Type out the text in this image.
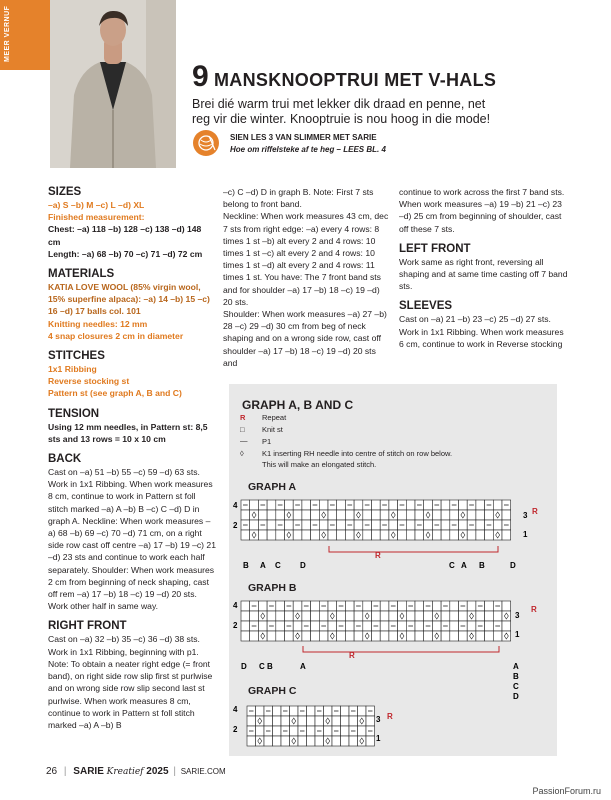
MEER VERNUF
9 MANSKNOOPTRUI MET V-HALS
Brei dié warm trui met lekker dik draad en penne, net reg vir die winter. Knooptruie is nou hoog in die mode!
SIEN LES 3 VAN SLIMMER MET SARIE
Hoe om riffelsteke af te heg – LEES BL. 4

SIZES

–a) S –b) M –c) L –d) XL

Finished measurement:

Chest: –a) 118 –b) 128 –c) 138 –d) 148 cm

Length: –a) 68 –b) 70 –c) 71 –d) 72 cm

MATERIALS

KATIA LOVE WOOL (85% virgin wool, 15% superfine alpaca): –a) 14 –b) 15 –c) 16 –d) 17 balls col. 101

Knitting needles: 12 mm

4 snap closures 2 cm in diameter

STITCHES

1x1 Ribbing

Reverse stocking st

Pattern st (see graph A, B and C)

TENSION

Using 12 mm needles, in Pattern st: 8,5 sts and 13 rows = 10 x 10 cm

BACK

Cast on –a) 51 –b) 55 –c) 59 –d) 63 sts. Work in 1x1 Ribbing. When work measures 8 cm, continue to work in Pattern st foll stitch marked –a) A –b) B –c) C –d) D in graph A. Neckline: When work measures –a) 68 –b) 69 –c) 70 –d) 71 cm, on a right side row cast off centre –a) 17 –b) 19 –c) 21 –d) 23 sts and continue to work each half separately. Shoulder: When work measures 2 cm from beginning of neck shaping, cast off rem –a) 17 –b) 18 –c) 19 –d) 20 sts. Work other half in same way.

RIGHT FRONT

Cast on –a) 32 –b) 35 –c) 36 –d) 38 sts. Work in 1x1 Ribbing, beginning with p1. Note: To obtain a neater right edge (= front band), on right side row slip first st purlwise and on wrong side row slip second last st purlwise. When work measures 8 cm, continue to work in Pattern st foll stitch marked –a) A –b) B

–c) C –d) D in graph B. Note: First 7 sts belong to front band.

Neckline: When work measures 43 cm, dec 7 sts from right edge: –a) every 4 rows: 8 times 1 st –b) alt every 2 and 4 rows: 10 times 1 st –c) alt every 2 and 4 rows: 10 times 1 st –d) alt every 2 and 4 rows: 11 times 1 st. You have: The 7 front band sts and for shoulder –a) 17 –b) 18 –c) 19 –d) 20 sts.

Shoulder: When work measures –a) 27 –b) 28 –c) 29 –d) 30 cm from beg of neck shaping and on a wrong side row, cast off shoulder –a) 17 –b) 18 –c) 19 –d) 20 sts and

continue to work across the first 7 band sts. When work measures –a) 19 –b) 21 –c) 23 –d) 25 cm from beginning of shoulder, cast off these 7 sts.

LEFT FRONT

Work same as right front, reversing all shaping and at same time casting off 7 band sts.

SLEEVES

Cast on –a) 21 –b) 23 –c) 25 –d) 27 sts. Work in 1x1 Ribbing. When work measures 6 cm, continue to work in Reverse stocking

GRAPH A, B AND C
R Repeat
□ Knit st
— P1
◊ K1 inserting RH needle into centre of stitch on row below.
This will make an elongated stitch.
GRAPH A
GRAPH B
GRAPH C
4
2
3
1
R
R
B A C D	C A B	D
4
2
3
1
R
R
D C B	A	A
B
C
D
4
2
3
1
R
26 | SARIE Kreatief 2025 | SARIE.COM
PassionForum.ru
